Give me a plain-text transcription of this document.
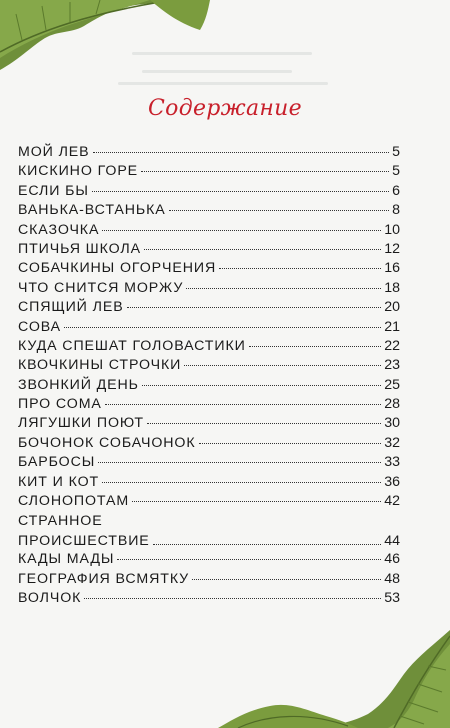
Содержание
МОЙ ЛЕВ	5
КИСКИНО ГОРЕ	5
ЕСЛИ БЫ	6
ВАНЬКА-ВСТАНЬКА	8
СКАЗОЧКА	10
ПТИЧЬЯ ШКОЛА	12
СОБАЧКИНЫ ОГОРЧЕНИЯ	16
ЧТО СНИТСЯ МОРЖУ	18
СПЯЩИЙ ЛЕВ	20
СОВА	21
КУДА СПЕШАТ ГОЛОВАСТИКИ	22
КВОЧКИНЫ СТРОЧКИ	23
ЗВОНКИЙ ДЕНЬ	25
ПРО СОМА	28
ЛЯГУШКИ ПОЮТ	30
БОЧОНОК СОБАЧОНОК	32
БАРБОСЫ	33
КИТ И КОТ	36
СЛОНОПОТАМ	42
СТРАННОЕ
ПРОИСШЕСТВИЕ	44
КАДЫ МАДЫ	46
ГЕОГРАФИЯ ВСМЯТКУ	48
ВОЛЧОК	53
